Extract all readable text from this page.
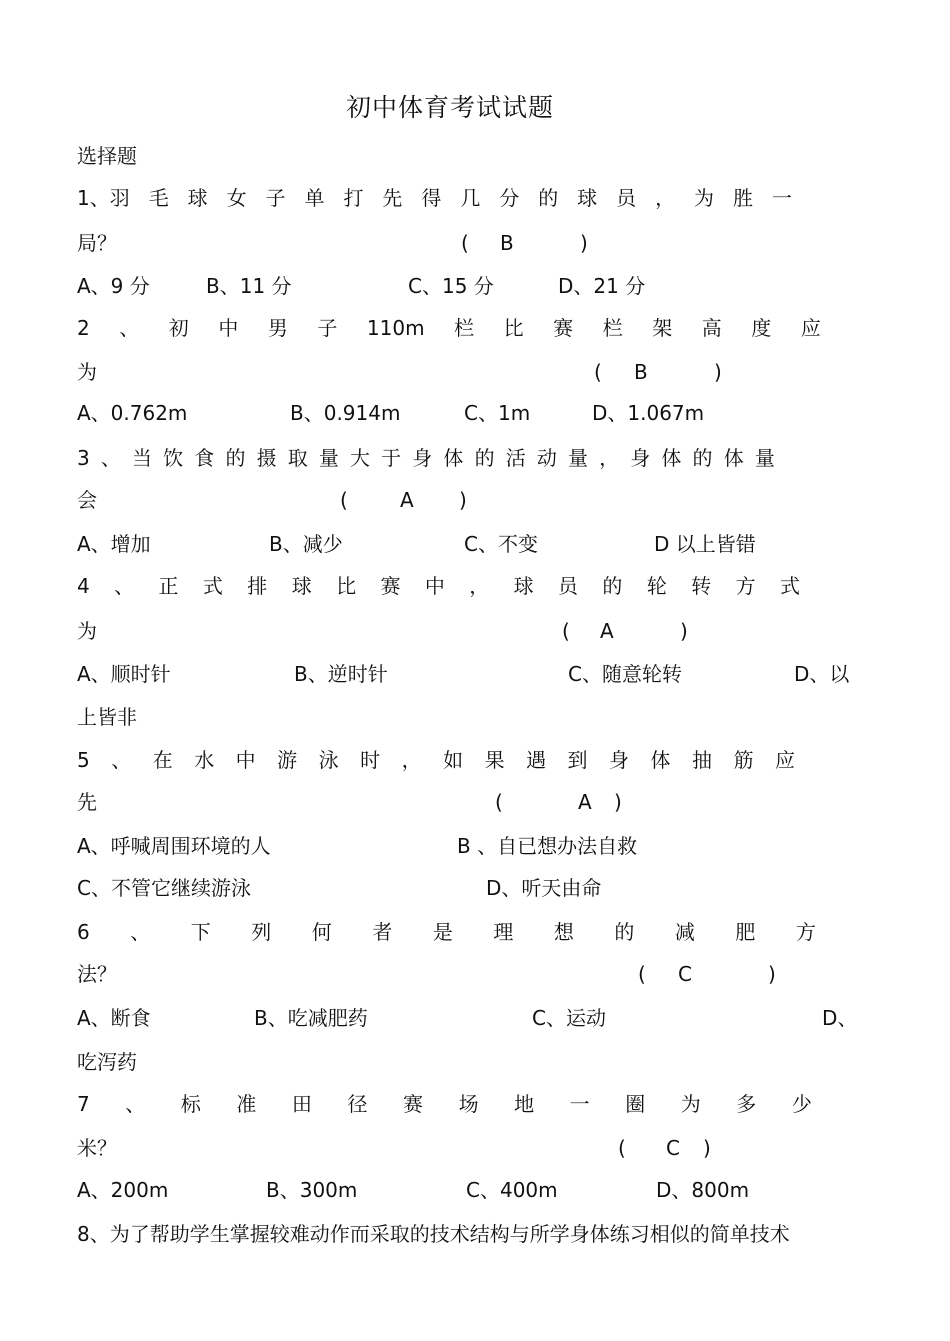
初中体育考试试题
选择题
1、羽 毛 球 女 子 单 打 先 得 几 分 的 球 员 ， 为 胜 一
局？	( B	)
A、9 分	B、11 分	C、15 分	D、21 分
2 、 初 中 男 子 110m 栏 比 赛 栏 架 高 度 应
为	( B	)
A、0.762m	B、0.914m	C、1m	D、1.067m
3 、 当 饮 食 的 摄 取 量 大 于 身 体 的 活 动 量 ， 身 体 的 体 量
会	(	A )
A、增加	B、减少	C、不变	D 以上皆错
4 、 正 式 排 球 比 赛 中 ， 球 员 的 轮 转 方 式
为	( A	)
A、顺时针	B、逆时针	C、随意轮转	D、以
上皆非
5 、 在 水 中 游 泳 时 ， 如 果 遇 到 身 体 抽 筋 应
先	(	A )
A、呼喊周围环境的人	B 、自已想办法自救
C、不管它继续游泳	D、听天由命
6 、 下 列 何 者 是 理 想 的 减 肥 方
法？	( C	)
A、断食	B、吃减肥药	C、运动	D、
吃泻药
7 、 标 准 田 径 赛 场 地 一 圈 为 多 少
米？	( C )
A、200m	B、300m	C、400m	D、800m
8、为了帮助学生掌握较难动作而采取的技术结构与所学身体练习相似的简单技术
